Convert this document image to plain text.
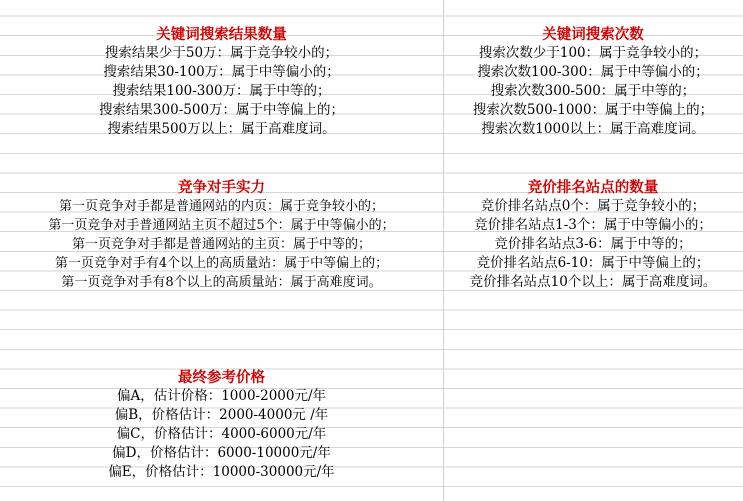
关键词搜索结果数量
搜索结果少于50万：属于竞争较小的；
搜索结果30-100万：属于中等偏小的；
搜索结果100-300万：属于中等的；
搜索结果300-500万：属于中等偏上的；
搜索结果500万以上：属于高难度词。
关键词搜索次数
搜索次数少于100：属于竞争较小的；
搜索次数100-300：属于中等偏小的；
搜索次数300-500：属于中等的；
搜索次数500-1000：属于中等偏上的；
搜索次数1000以上：属于高难度词。
竞争对手实力
第一页竞争对手都是普通网站的内页：属于竞争较小的；
第一页竞争对手普通网站主页不超过5个：属于中等偏小的；
第一页竞争对手都是普通网站的主页：属于中等的；
第一页竞争对手有4个以上的高质量站：属于中等偏上的；
第一页竞争对手有8个以上的高质量站：属于高难度词。
竞价排名站点的数量
竞价排名站点0个：属于竞争较小的；
竞价排名站点1-3个：属于中等偏小的；
竞价排名站点3-6：属于中等的；
竞价排名站点6-10：属于中等偏上的；
竞价排名站点10个以上：属于高难度词。
最终参考价格
偏A，估计价格：1000-2000元/年
偏B，价格估计：2000-4000元 /年
偏C，价格估计：4000-6000元/年
偏D，价格估计：6000-10000元/年
偏E，价格估计：10000-30000元/年
